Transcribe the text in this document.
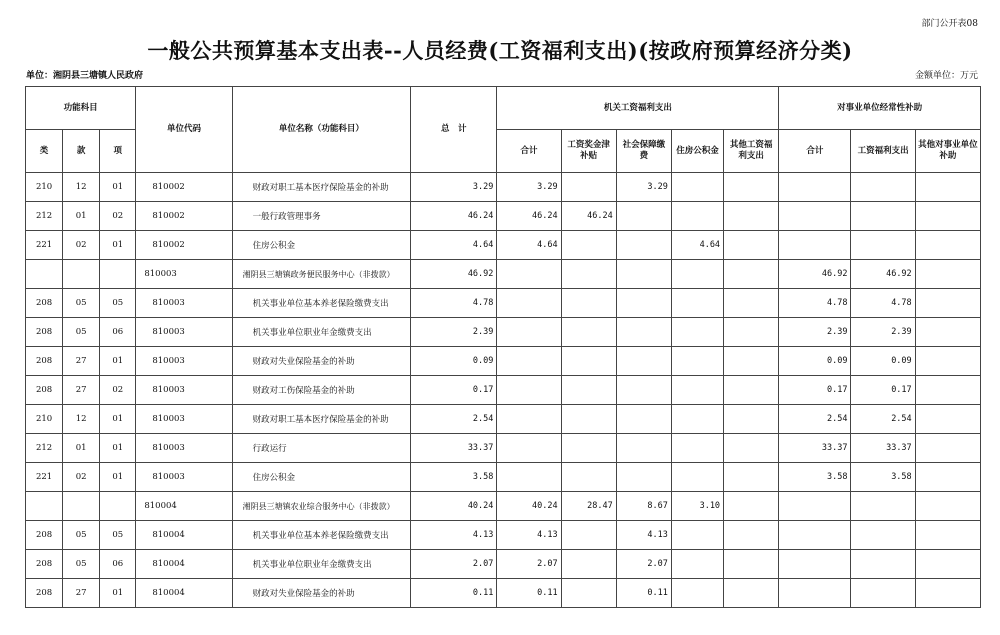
部门公开表08
一般公共预算基本支出表--人员经费(工资福利支出)(按政府预算经济分类)
单位：湘阴县三塘镇人民政府	金额单位：万元
功能科目			单位代码	单位名称（功能科目）	总　计	机关工资福利支出					对事业单位经常性补助		
类	款	项				合计	工资奖金津补贴	社会保障缴费	住房公积金	其他工资福利支出	合计	工资福利支出	其他对事业单位补助
210	12	01	810002	财政对职工基本医疗保险基金的补助	3.29	3.29		3.29					
212	01	02	810002	一般行政管理事务	46.24	46.24	46.24						
221	02	01	810002	住房公积金	4.64	4.64			4.64				
			810003	湘阴县三塘镇政务便民服务中心（非拨款）	46.92						46.92	46.92	
208	05	05	810003	机关事业单位基本养老保险缴费支出	4.78						4.78	4.78	
208	05	06	810003	机关事业单位职业年金缴费支出	2.39						2.39	2.39	
208	27	01	810003	财政对失业保险基金的补助	0.09						0.09	0.09	
208	27	02	810003	财政对工伤保险基金的补助	0.17						0.17	0.17	
210	12	01	810003	财政对职工基本医疗保险基金的补助	2.54						2.54	2.54	
212	01	01	810003	行政运行	33.37						33.37	33.37	
221	02	01	810003	住房公积金	3.58						3.58	3.58	
			810004	湘阴县三塘镇农业综合服务中心（非拨款）	40.24	40.24	28.47	8.67	3.10				
208	05	05	810004	机关事业单位基本养老保险缴费支出	4.13	4.13		4.13					
208	05	06	810004	机关事业单位职业年金缴费支出	2.07	2.07		2.07					
208	27	01	810004	财政对失业保险基金的补助	0.11	0.11		0.11					
